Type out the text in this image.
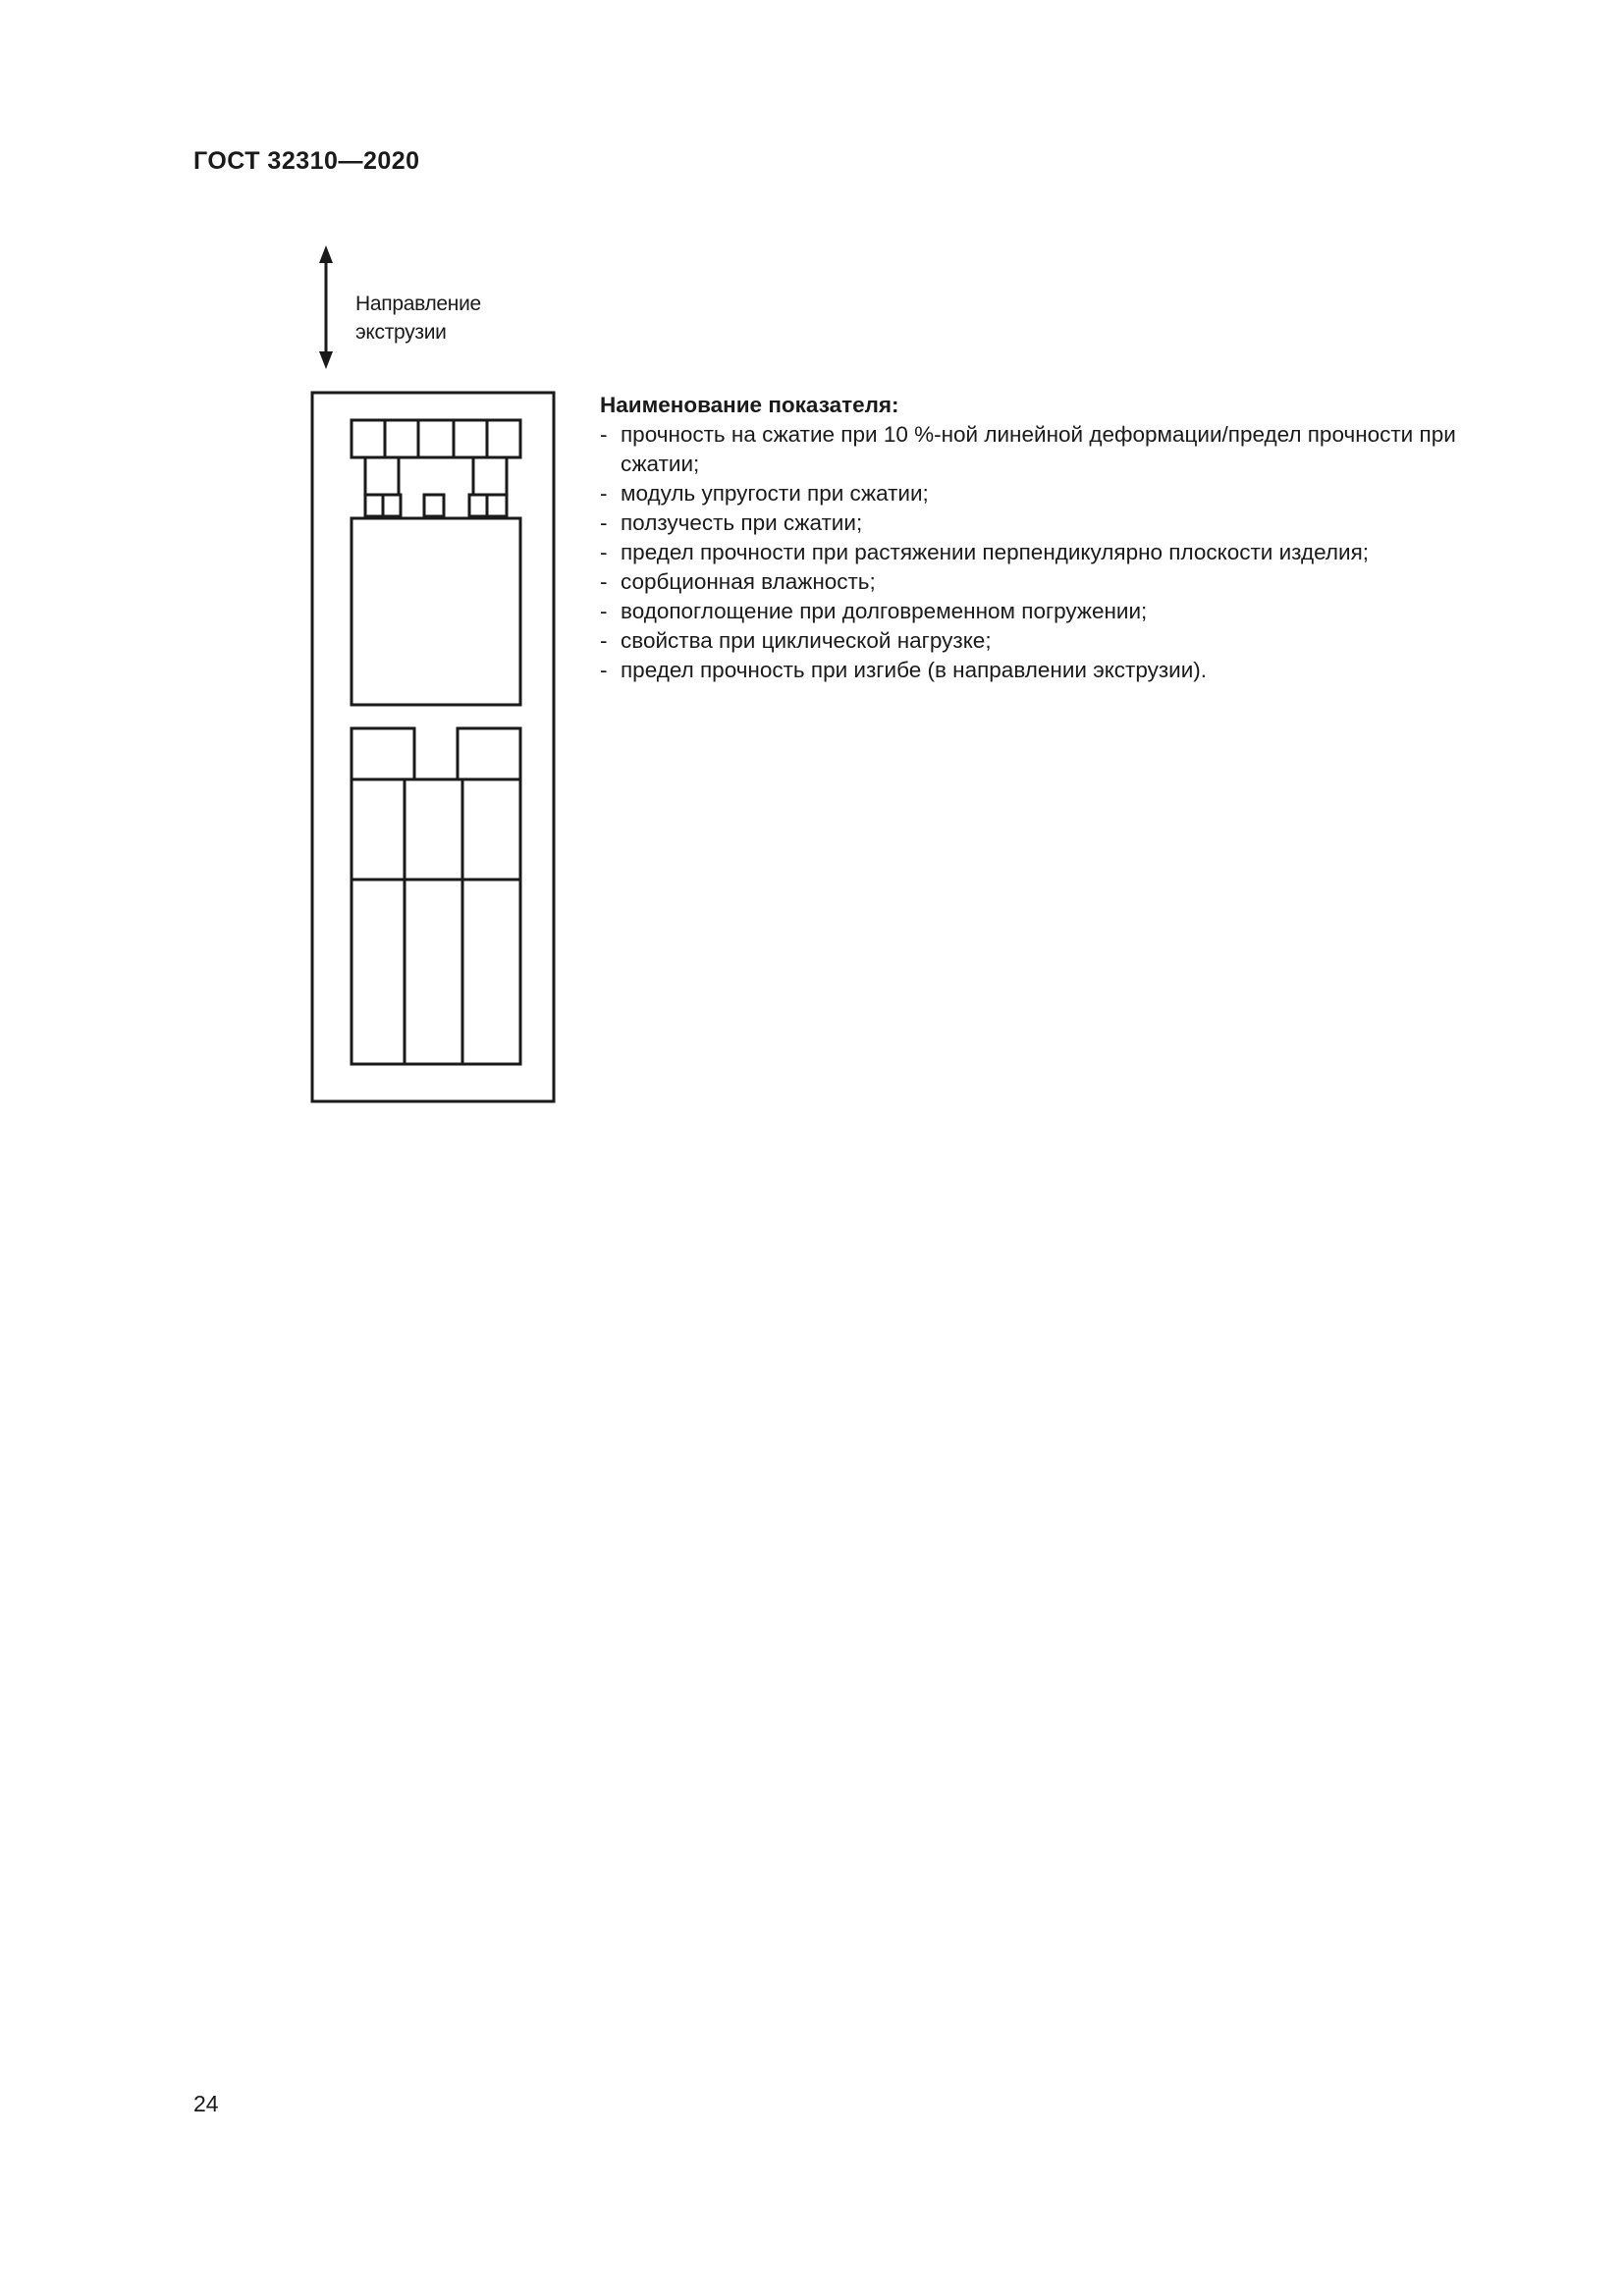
ГОСТ 32310—2020
Направление
экструзии
Наименование показателя:
- прочность на сжатие при 10 %-ной линейной деформации/предел прочности при сжатии;
- модуль упругости при сжатии;
- ползучесть при сжатии;
- предел прочности при растяжении перпендикулярно плоскости изделия;
- сорбционная влажность;
- водопоглощение при долговременном погружении;
- свойства при циклической нагрузке;
- предел прочность при изгибе (в направлении экструзии).
24
